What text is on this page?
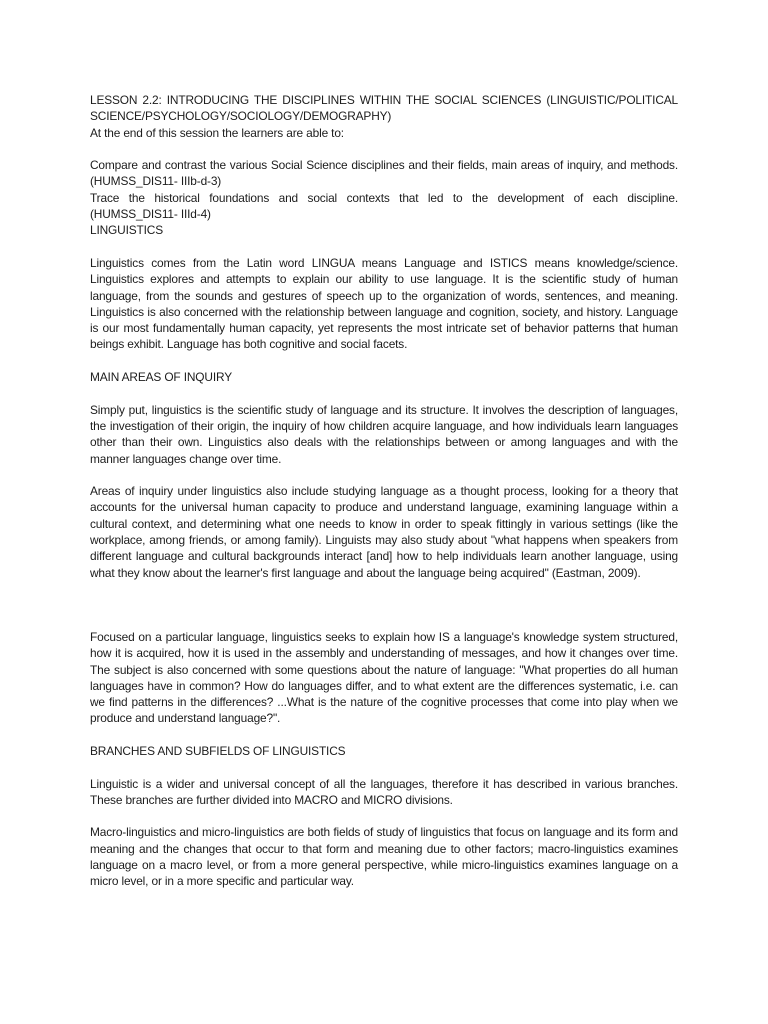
LESSON 2.2: INTRODUCING THE DISCIPLINES WITHIN THE SOCIAL SCIENCES (LINGUISTIC/POLITICAL SCIENCE/PSYCHOLOGY/SOCIOLOGY/DEMOGRAPHY)

At the end of this session the learners are able to:

Compare and contrast the various Social Science disciplines and their fields, main areas of inquiry, and methods. (HUMSS_DIS11- IIIb-d-3)

Trace the historical foundations and social contexts that led to the development of each discipline. (HUMSS_DIS11- IIId-4)

LINGUISTICS

Linguistics comes from the Latin word LINGUA means Language and ISTICS means knowledge/science. Linguistics explores and attempts to explain our ability to use language. It is the scientific study of human language, from the sounds and gestures of speech up to the organization of words, sentences, and meaning. Linguistics is also concerned with the relationship between language and cognition, society, and history. Language is our most fundamentally human capacity, yet represents the most intricate set of behavior patterns that human beings exhibit. Language has both cognitive and social facets.

MAIN AREAS OF INQUIRY

Simply put, linguistics is the scientific study of language and its structure. It involves the description of languages, the investigation of their origin, the inquiry of how children acquire language, and how individuals learn languages other than their own. Linguistics also deals with the relationships between or among languages and with the manner languages change over time.

Areas of inquiry under linguistics also include studying language as a thought process, looking for a theory that accounts for the universal human capacity to produce and understand language, examining language within a cultural context, and determining what one needs to know in order to speak fittingly in various settings (like the workplace, among friends, or among family). Linguists may also study about "what happens when speakers from different language and cultural backgrounds interact [and] how to help individuals learn another language, using what they know about the learner's first language and about the language being acquired" (Eastman, 2009).

Focused on a particular language, linguistics seeks to explain how IS a language's knowledge system structured, how it is acquired, how it is used in the assembly and understanding of messages, and how it changes over time. The subject is also concerned with some questions about the nature of language: "What properties do all human languages have in common? How do languages differ, and to what extent are the differences systematic, i.e. can we find patterns in the differences? ...What is the nature of the cognitive processes that come into play when we produce and understand language?".

BRANCHES AND SUBFIELDS OF LINGUISTICS

Linguistic is a wider and universal concept of all the languages, therefore it has described in various branches. These branches are further divided into MACRO and MICRO divisions.

Macro-linguistics and micro-linguistics are both fields of study of linguistics that focus on language and its form and meaning and the changes that occur to that form and meaning due to other factors; macro-linguistics examines language on a macro level, or from a more general perspective, while micro-linguistics examines language on a micro level, or in a more specific and particular way.
